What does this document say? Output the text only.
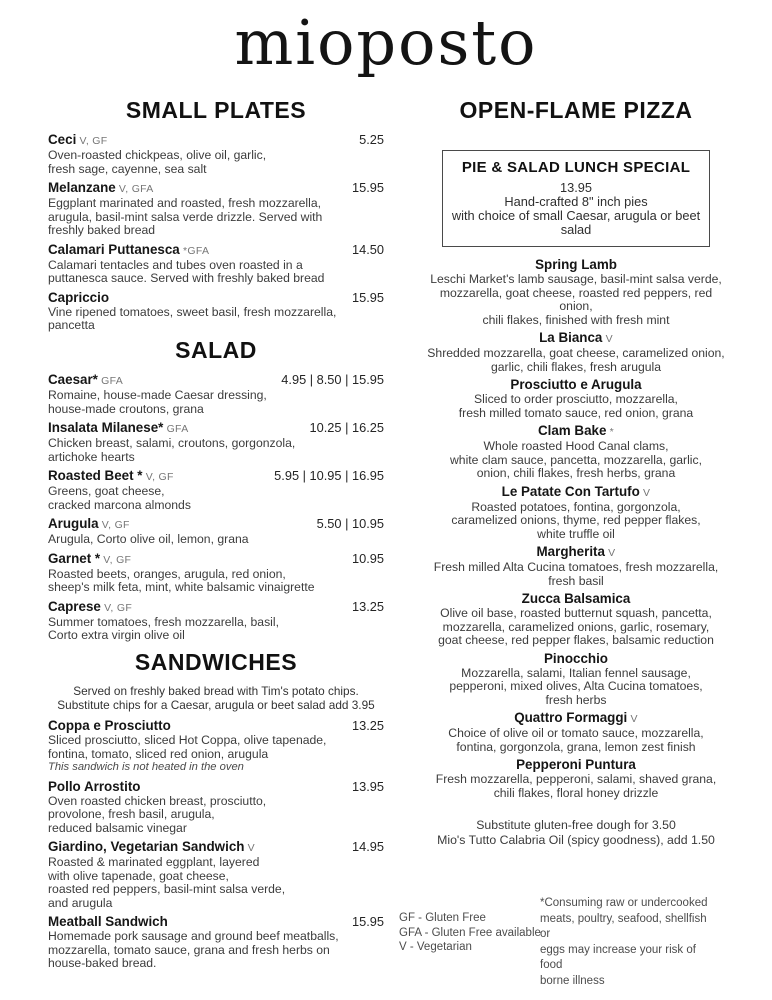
mioposto
SMALL PLATES
Ceci V, GF	5.25
Oven-roasted chickpeas, olive oil, garlic,
fresh sage, cayenne, sea salt
Melanzane V, GFA	15.95
Eggplant marinated and roasted, fresh mozzarella,
arugula, basil-mint salsa verde drizzle. Served with
freshly baked bread
Calamari Puttanesca *GFA	14.50
Calamari tentacles and tubes oven roasted in a
puttanesca sauce. Served with freshly baked bread
Capriccio	15.95
Vine ripened tomatoes, sweet basil, fresh mozzarella,
pancetta
SALAD
Caesar* GFA	4.95 | 8.50 | 15.95
Romaine, house-made Caesar dressing,
house-made croutons, grana
Insalata Milanese* GFA	10.25 | 16.25
Chicken breast, salami, croutons, gorgonzola,
artichoke hearts
Roasted Beet * V, GF	5.95 | 10.95 | 16.95
Greens, goat cheese,
cracked marcona almonds
Arugula V, GF	5.50 | 10.95
Arugula, Corto olive oil, lemon, grana
Garnet * V, GF	10.95
Roasted beets, oranges, arugula, red onion,
sheep's milk feta, mint, white balsamic vinaigrette
Caprese V, GF	13.25
Summer tomatoes, fresh mozzarella, basil,
Corto extra virgin olive oil
SANDWICHES
Served on freshly baked bread with Tim's potato chips.
Substitute chips for a Caesar, arugula or beet salad add 3.95
Coppa e Prosciutto	13.25
Sliced prosciutto, sliced Hot Coppa, olive tapenade,
fontina, tomato, sliced red onion, arugula
This sandwich is not heated in the oven
Pollo Arrostito	13.95
Oven roasted chicken breast, prosciutto,
provolone, fresh basil, arugula,
reduced balsamic vinegar
Giardino, Vegetarian Sandwich V	14.95
Roasted & marinated eggplant, layered
with olive tapenade, goat cheese,
roasted red peppers, basil-mint salsa verde,
and arugula
Meatball Sandwich	15.95
Homemade pork sausage and ground beef meatballs,
mozzarella, tomato sauce, grana and fresh herbs on
house-baked bread.
OPEN-FLAME PIZZA
PIE & SALAD LUNCH SPECIAL
13.95
Hand-crafted 8" inch pies
with choice of small Caesar, arugula or beet
salad
Spring Lamb
Leschi Market's lamb sausage, basil-mint salsa verde,
mozzarella, goat cheese, roasted red peppers, red onion,
chili flakes, finished with fresh mint
La Bianca V
Shredded mozzarella, goat cheese, caramelized onion,
garlic, chili flakes, fresh arugula
Prosciutto e Arugula
Sliced to order prosciutto, mozzarella,
fresh milled tomato sauce, red onion, grana
Clam Bake *
Whole roasted Hood Canal clams,
white clam sauce, pancetta, mozzarella, garlic,
onion, chili flakes, fresh herbs, grana
Le Patate Con Tartufo V
Roasted potatoes, fontina, gorgonzola,
caramelized onions, thyme, red pepper flakes,
white truffle oil
Margherita V
Fresh milled Alta Cucina tomatoes, fresh mozzarella,
fresh basil
Zucca Balsamica
Olive oil base, roasted butternut squash, pancetta,
mozzarella, caramelized onions, garlic, rosemary,
goat cheese, red pepper flakes, balsamic reduction
Pinocchio
Mozzarella, salami, Italian fennel sausage,
pepperoni, mixed olives, Alta Cucina tomatoes,
fresh herbs
Quattro Formaggi V
Choice of olive oil or tomato sauce, mozzarella,
fontina, gorgonzola, grana, lemon zest finish
Pepperoni Puntura
Fresh mozzarella, pepperoni, salami, shaved grana,
chili flakes, floral honey drizzle
Substitute gluten-free dough for 3.50
Mio's Tutto Calabria Oil (spicy goodness), add 1.50
GF - Gluten Free
GFA - Gluten Free available
V - Vegetarian
*Consuming raw or undercooked
meats, poultry, seafood, shellfish or
eggs may increase your risk of food
borne illness
